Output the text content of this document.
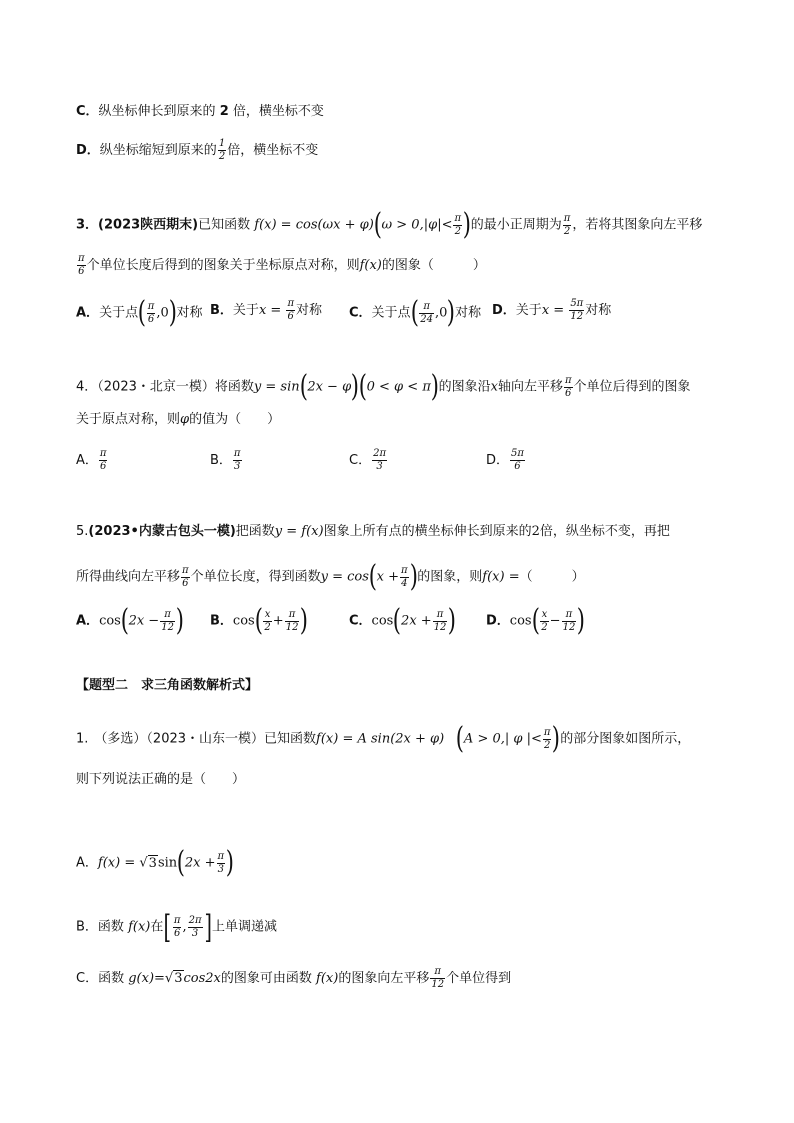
C．纵坐标伸长到原来的 2 倍，横坐标不变
D．纵坐标缩短到原来的 $\frac{1}{2}$ 倍，横坐标不变
3．(2023陕西期末)已知函数 $f(x) = \cos(\omega x + \varphi)(\omega > 0,|\varphi|< \frac{\pi}{2}$ )的最小正周期为 $\frac{\pi}{2}$ ，若将其图象向左平移
$\frac{\pi}{6}$ 个单位长度后得到的图象关于坐标原点对称，则f(x)的图象（　　　）
A．关于点( $\frac{\pi}{6} ,0$)对称 B．关于$x = \frac{\pi}{6}$ 对称 C．关于点( $\frac{\pi}{24} ,0$)对称 D．关于$x = \frac{5\pi}{12}$ 对称
4．（2023・北京一模）将函数y = sin(2x − φ)(0 < φ < π)的图象沿x轴向左平移 $\frac{\pi}{6}$ 个单位后得到的图象
关于原点对称，则φ的值为（　　）
A． $\frac{\pi}{6}$	B． $\frac{\pi}{3}$	C． $\frac{2\pi}{3}$	D． $\frac{5\pi}{6}$
5.(2023•内蒙古包头一模)把函数y = f(x)图象上所有点的横坐标伸长到原来的2倍，纵坐标不变，再把
所得曲线向左平移 $\frac{\pi}{6}$ 个单位长度，得到函数$y = \cos(x + \frac{\pi}{4}$ )的图象，则f(x) =（　　　）
A．$\cos(2x - \frac{\pi}{12}$ ) B．$\cos( \frac{x}{2} + \frac{\pi}{12}$ )	C．$\cos(2x + \frac{\pi}{12}$ ) D．$\cos( \frac{x}{2} - \frac{\pi}{12}$ )
【题型二　求三角函数解析式】
1. （多选）（2023・山东一模）已知函数f(x) = A sin(2x + φ) (A > 0,| φ |< $\frac{\pi}{2}$ )的部分图象如图所示，
则下列说法正确的是（　　）
A．$f(x) = √3\sin(2x + \frac{\pi}{3}$ )
B．函数 f(x)在[ $\frac{\pi}{6}$ , $\frac{2\pi}{3}$ ]上单调递减
C．函数 g(x)=√3cos2x的图象可由函数 f(x)的图象向左平移 $\frac{\pi}{12}$ 个单位得到
